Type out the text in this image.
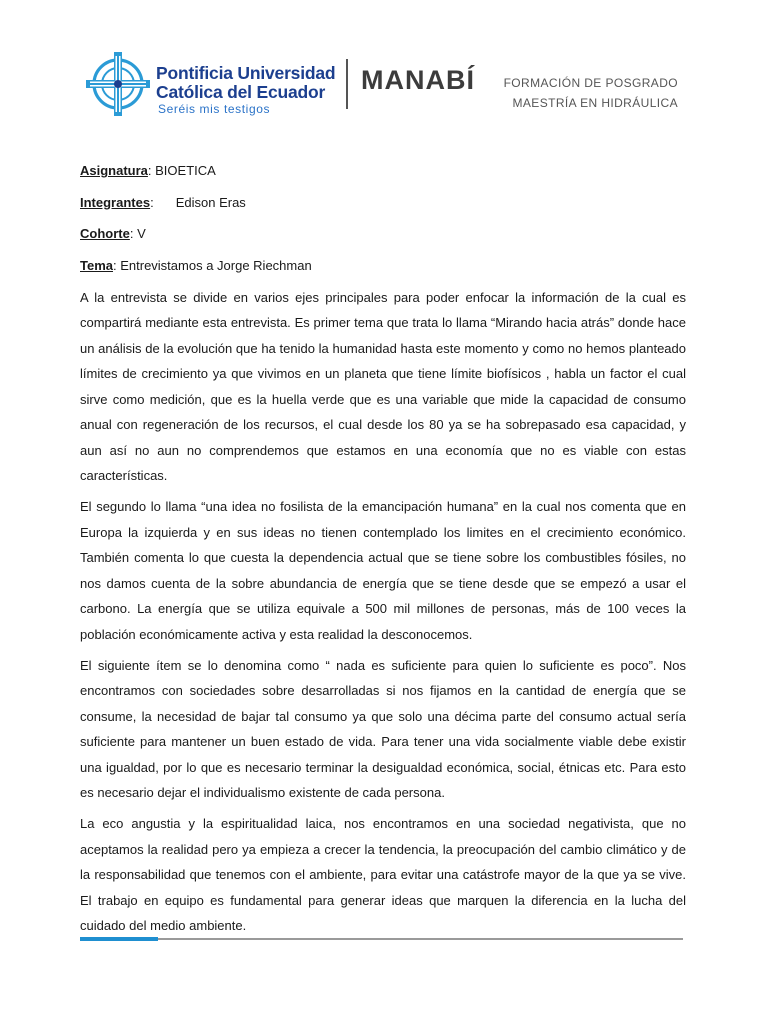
Pontificia Universidad
Católica del Ecuador
Seréis mis testigos
MANABÍ FORMACIÓN DE POSGRADO
MAESTRÍA EN HIDRÁULICA
Asignatura: BIOETICA
Integrantes: Edison Eras
Cohorte: V
Tema: Entrevistamos a Jorge Riechman

A la entrevista se divide en varios ejes principales para poder enfocar la información de la cual es compartirá mediante esta entrevista. Es primer tema que trata lo llama “Mirando hacia atrás” donde hace un análisis de la evolución que ha tenido la humanidad hasta este momento y como no hemos planteado límites de crecimiento ya que vivimos en un planeta que tiene límite biofísicos , habla un factor el cual sirve como medición, que es la huella verde que es una variable que mide la capacidad de consumo anual con regeneración de los recursos, el cual desde los 80 ya se ha sobrepasado esa capacidad, y aun así no aun no comprendemos que estamos en una economía que no es viable con estas características.

El segundo lo llama “una idea no fosilista de la emancipación humana” en la cual nos comenta que en Europa la izquierda y en sus ideas no tienen contemplado los limites en el crecimiento económico. También comenta lo que cuesta la dependencia actual que se tiene sobre los combustibles fósiles, no nos damos cuenta de la sobre abundancia de energía que se tiene desde que se empezó a usar el carbono. La energía que se utiliza equivale a 500 mil millones de personas, más de 100 veces la población económicamente activa y esta realidad la desconocemos.

El siguiente ítem se lo denomina como “ nada es suficiente para quien lo suficiente es poco”. Nos encontramos con sociedades sobre desarrolladas si nos fijamos en la cantidad de energía que se consume, la necesidad de bajar tal consumo ya que solo una décima parte del consumo actual sería suficiente para mantener un buen estado de vida. Para tener una vida socialmente viable debe existir una igualdad, por lo que es necesario terminar la desigualdad económica, social, étnicas etc. Para esto es necesario dejar el individualismo existente de cada persona.

La eco angustia y la espiritualidad laica, nos encontramos en una sociedad negativista, que no aceptamos la realidad pero ya empieza a crecer la tendencia, la preocupación del cambio climático y de la responsabilidad que tenemos con el ambiente, para evitar una catástrofe mayor de la que ya se vive. El trabajo en equipo es fundamental para generar ideas que marquen la diferencia en la lucha del cuidado del medio ambiente.
